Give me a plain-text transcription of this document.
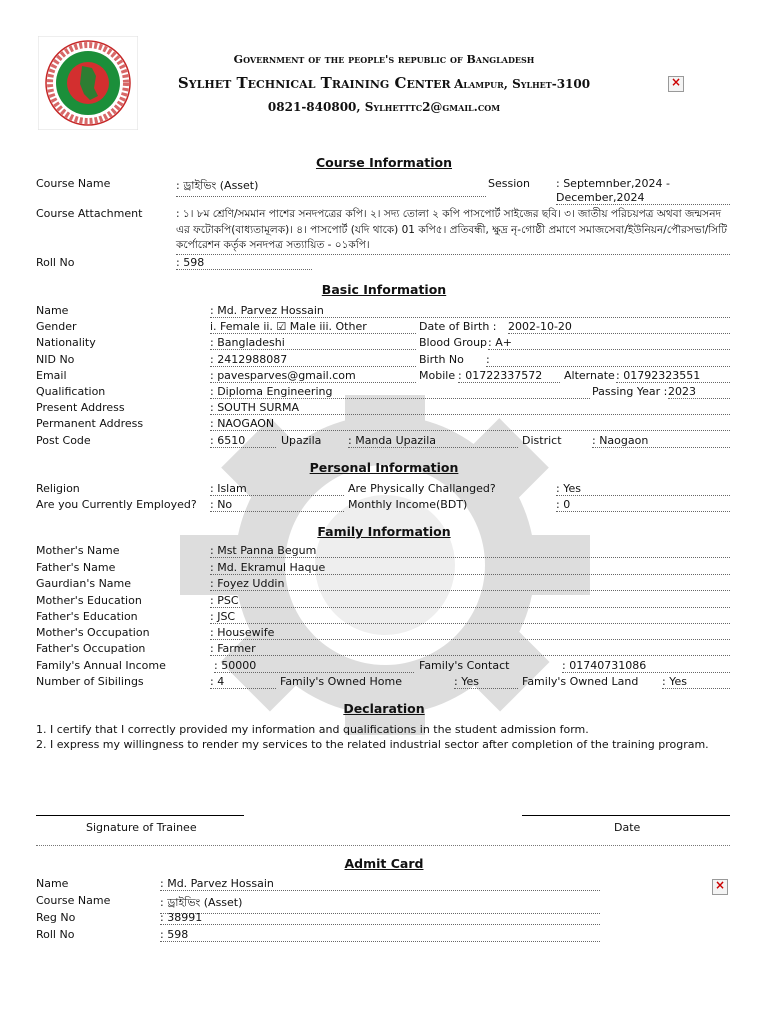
Government of the people's republic of Bangladesh
Sylhet Technical Training Center Alampur, Sylhet-3100
0821-840800, Sylhetttc2@gmail.com
×
Course Information
Course Name	: ড্রাইভিং (Asset)	Session : Septemnber,2024 -
December,2024
Course Attachment	: ১। ৮ম শ্রেণি/সমমান পাশের সনদপত্রের কপি। ২। সদ্য তোলা ২ কপি পাসপোর্ট সাইজের ছবি। ৩। জাতীয় পরিচয়পত্র অথবা জন্মসনদ এর ফটোকপি(বাধ্যতামূলক)। ৪। পাসপোর্ট (যদি থাকে) 01 কপি৫। প্রতিবন্ধী, ক্ষুদ্র নৃ-গোষ্ঠী প্রমাণে সমাজসেবা/ইউনিয়ন/পৌরসভা/সিটি কর্পোরেশন কর্তৃক সনদপত্র সত্যায়িত - ০১কপি।
Roll No	: 598
Basic Information
Name	: Md. Parvez Hossain
Gender	i. Female ii. ☑ Male iii. Other	Date of Birth : 2002-10-20
Nationality	: Bangladeshi	Blood Group : A+
NID No	: 2412988087	Birth No :
Email	: pavesparves@gmail.com	Mobile : 01722337572	Alternate : 01792323551
Qualification	: Diploma Engineering	Passing Year : 2023
Present Address	: SOUTH SURMA
Permanent Address	: NAOGAON
Post Code	: 6510	Upazila : Manda Upazila	District	: Naogaon
Personal Information
Religion	: Islam	Are Physically Challanged?	: Yes
Are you Currently Employed? : No	Monthly Income(BDT)	: 0
Family Information
Mother's Name	: Mst Panna Begum
Father's Name	: Md. Ekramul Haque
Gaurdian's Name	: Foyez Uddin
Mother's Education	: PSC
Father's Education	: JSC
Mother's Occupation	: Housewife
Father's Occupation	: Farmer
Family's Annual Income	: 50000	Family's Contact	: 01740731086
Number of Sibilings	: 4	Family's Owned Home	: Yes	Family's Owned Land : Yes
Declaration
1. I certify that I correctly provided my information and qualifications in the student admission form.
2. I express my willingness to render my services to the related industrial sector after completion of the training program.
Signature of Trainee	Date
Admit Card
Name	: Md. Parvez Hossain
Course Name	: ড্রাইভিং (Asset)
Reg No	: 38991
Roll No	: 598
×
